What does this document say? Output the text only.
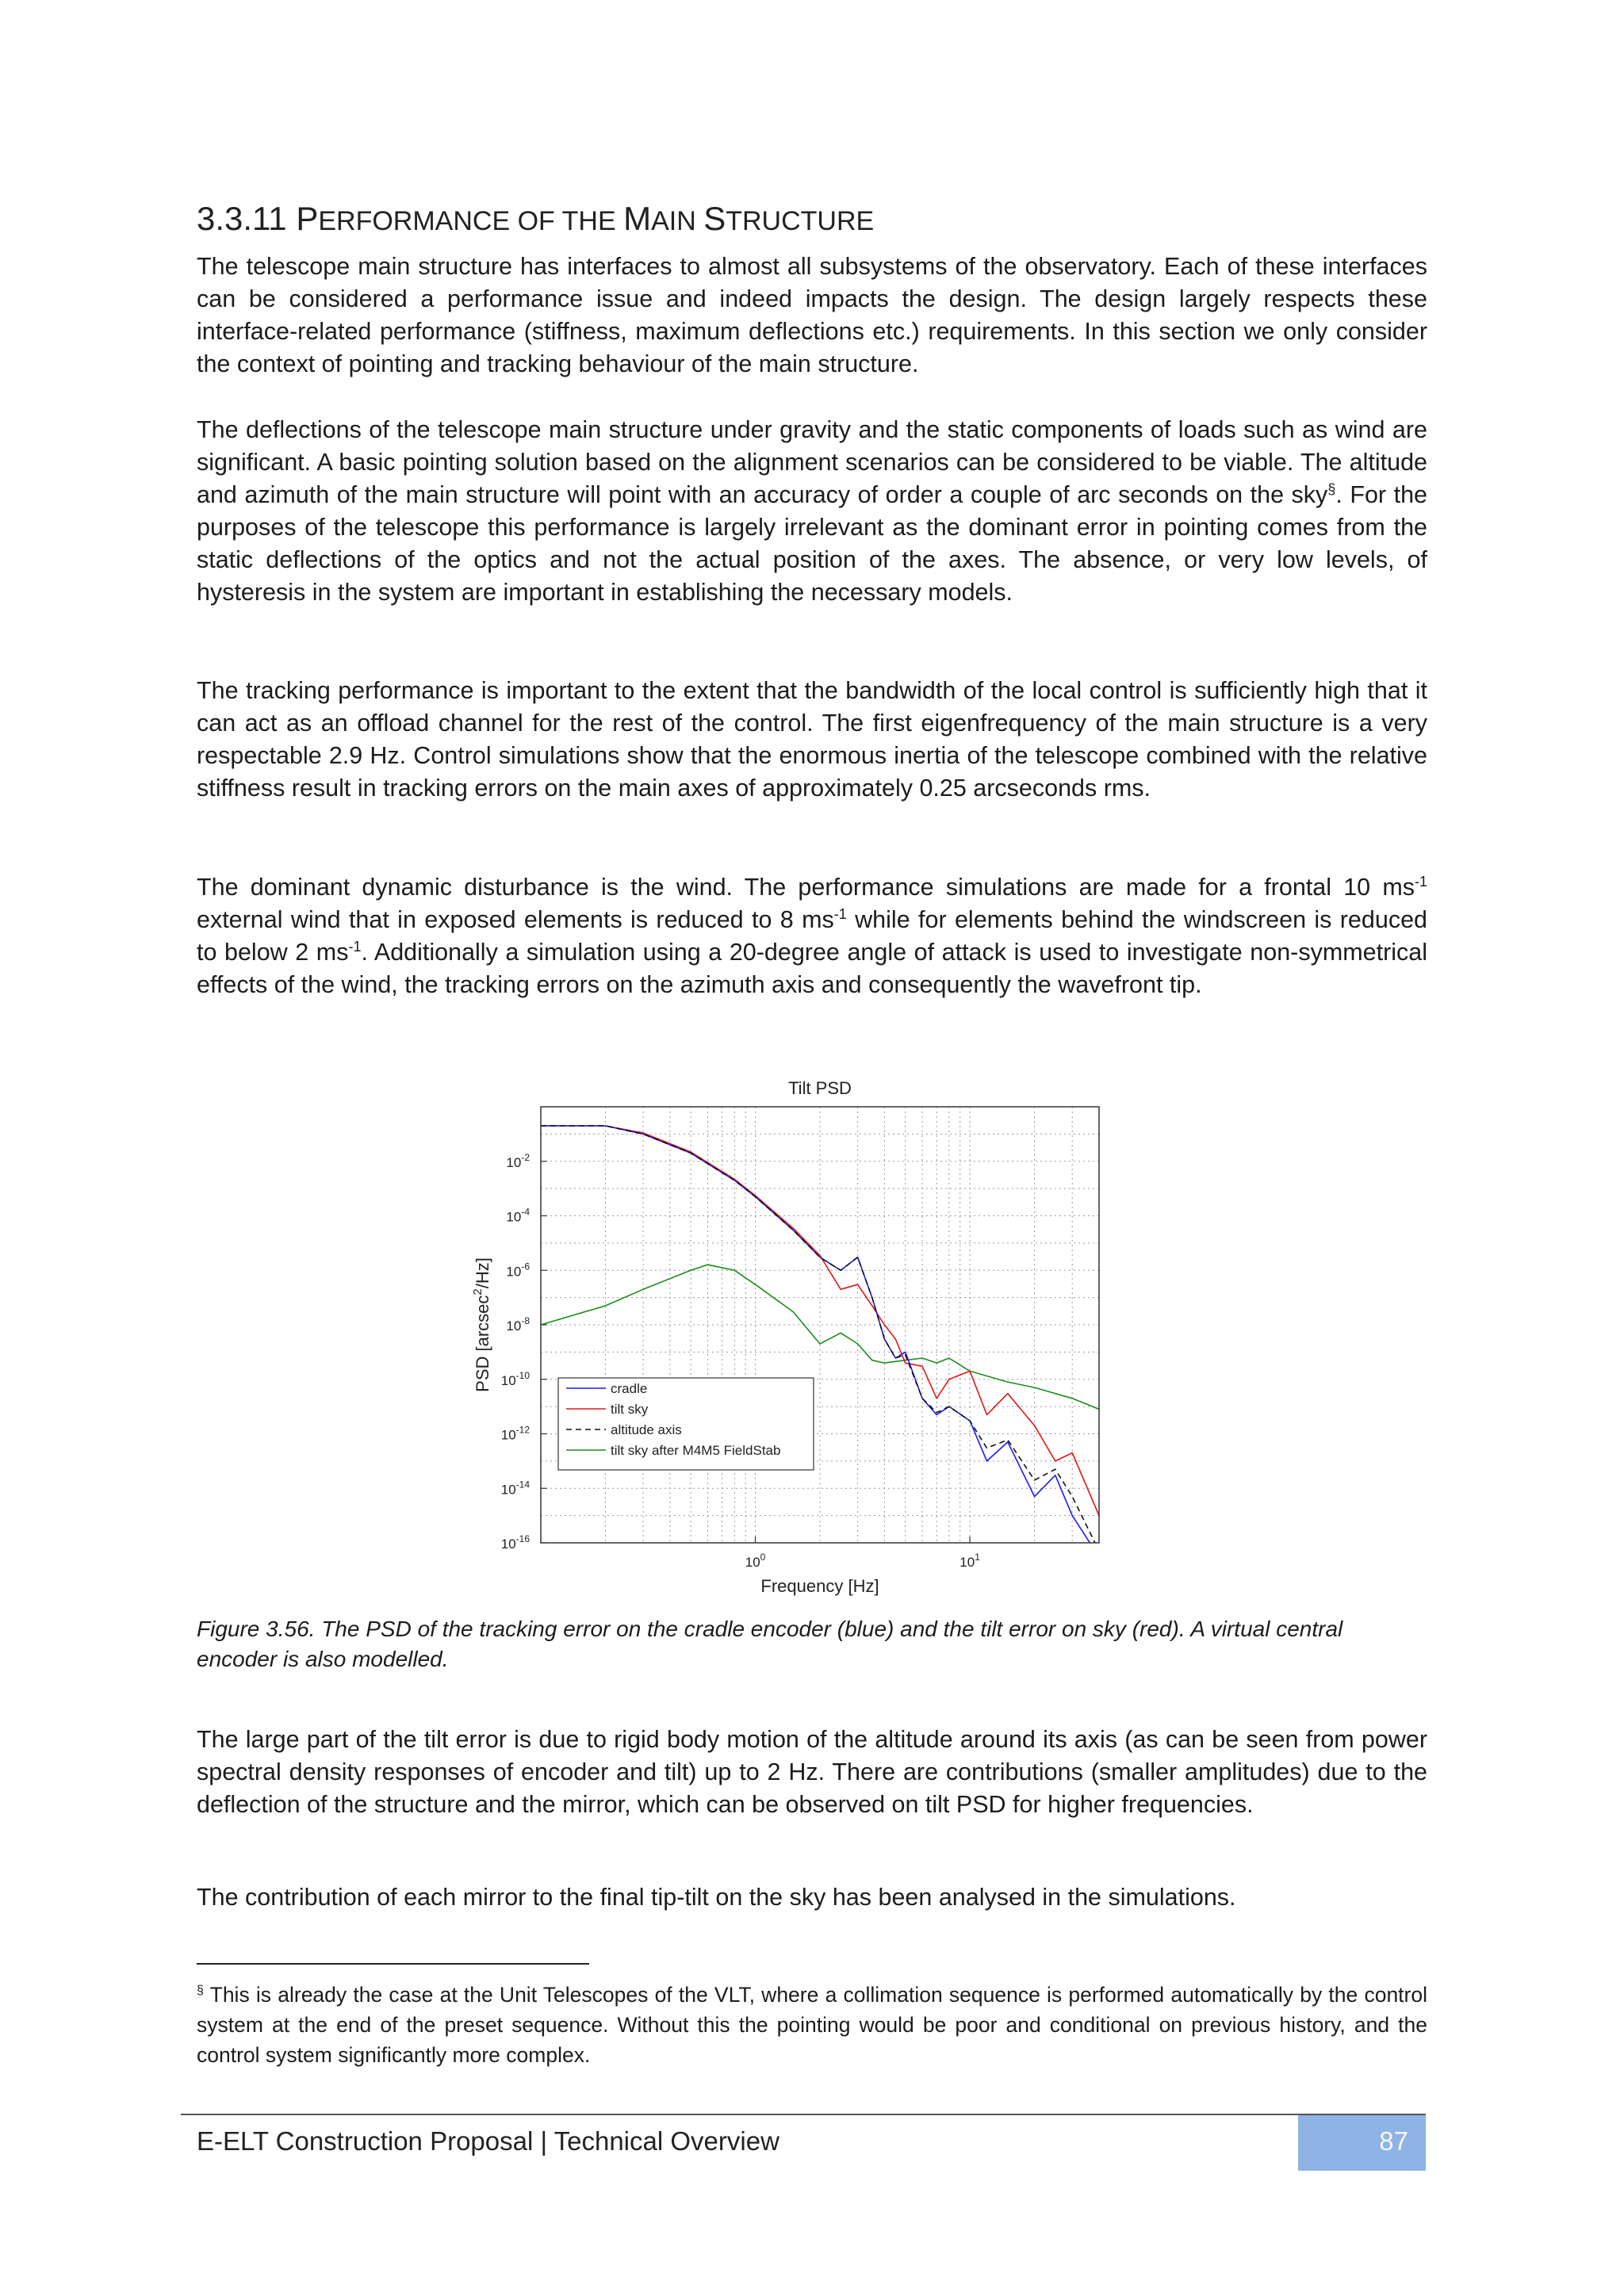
3.3.11 PERFORMANCE OF THE MAIN STRUCTURE

The telescope main structure has interfaces to almost all subsystems of the observatory. Each of these interfaces can be considered a performance issue and indeed impacts the design. The design largely respects these interface-related performance (stiffness, maximum deflections etc.) requirements. In this section we only consider the context of pointing and tracking behaviour of the main structure.

The deflections of the telescope main structure under gravity and the static components of loads such as wind are significant. A basic pointing solution based on the alignment scenarios can be considered to be viable. The altitude and azimuth of the main structure will point with an accuracy of order a couple of arc seconds on the sky§. For the purposes of the telescope this performance is largely irrelevant as the dominant error in pointing comes from the static deflections of the optics and not the actual position of the axes. The absence, or very low levels, of hysteresis in the system are important in establishing the necessary models.

The tracking performance is important to the extent that the bandwidth of the local control is sufficiently high that it can act as an offload channel for the rest of the control. The first eigenfrequency of the main structure is a very respectable 2.9 Hz. Control simulations show that the enormous inertia of the telescope combined with the relative stiffness result in tracking errors on the main axes of approximately 0.25 arcseconds rms.

The dominant dynamic disturbance is the wind. The performance simulations are made for a frontal 10 $ms^{-1}$ external wind that in exposed elements is reduced to 8 $ms^{-1}$ while for elements behind the windscreen is reduced to below 2 $ms^{-1}$. Additionally a simulation using a 20-degree angle of attack is used to investigate non-symmetrical effects of the wind, the tracking errors on the azimuth axis and consequently the wavefront tip.

Tilt PSD
$10^{-2}$
$10^{-4}$
$10^{-6}$
$10^{-8}$
$10^{-10}$
$10^{-12}$
$10^{-14}$
$10^{-16}$
$10^0$	$10^1$
cradle
tilt sky
altitude axis
tilt sky after M4M5 FieldStab
Frequency [Hz]
PSD [arcsec$^2$/Hz]

Figure 3.56. The PSD of the tracking error on the cradle encoder (blue) and the tilt error on sky (red). A virtual central encoder is also modelled.

The large part of the tilt error is due to rigid body motion of the altitude around its axis (as can be seen from power spectral density responses of encoder and tilt) up to 2 Hz. There are contributions (smaller amplitudes) due to the deflection of the structure and the mirror, which can be observed on tilt PSD for higher frequencies.

The contribution of each mirror to the final tip-tilt on the sky has been analysed in the simulations.

§ This is already the case at the Unit Telescopes of the VLT, where a collimation sequence is performed automatically by the control system at the end of the preset sequence. Without this the pointing would be poor and conditional on previous history, and the control system significantly more complex.

E-ELT Construction Proposal | Technical Overview	87
